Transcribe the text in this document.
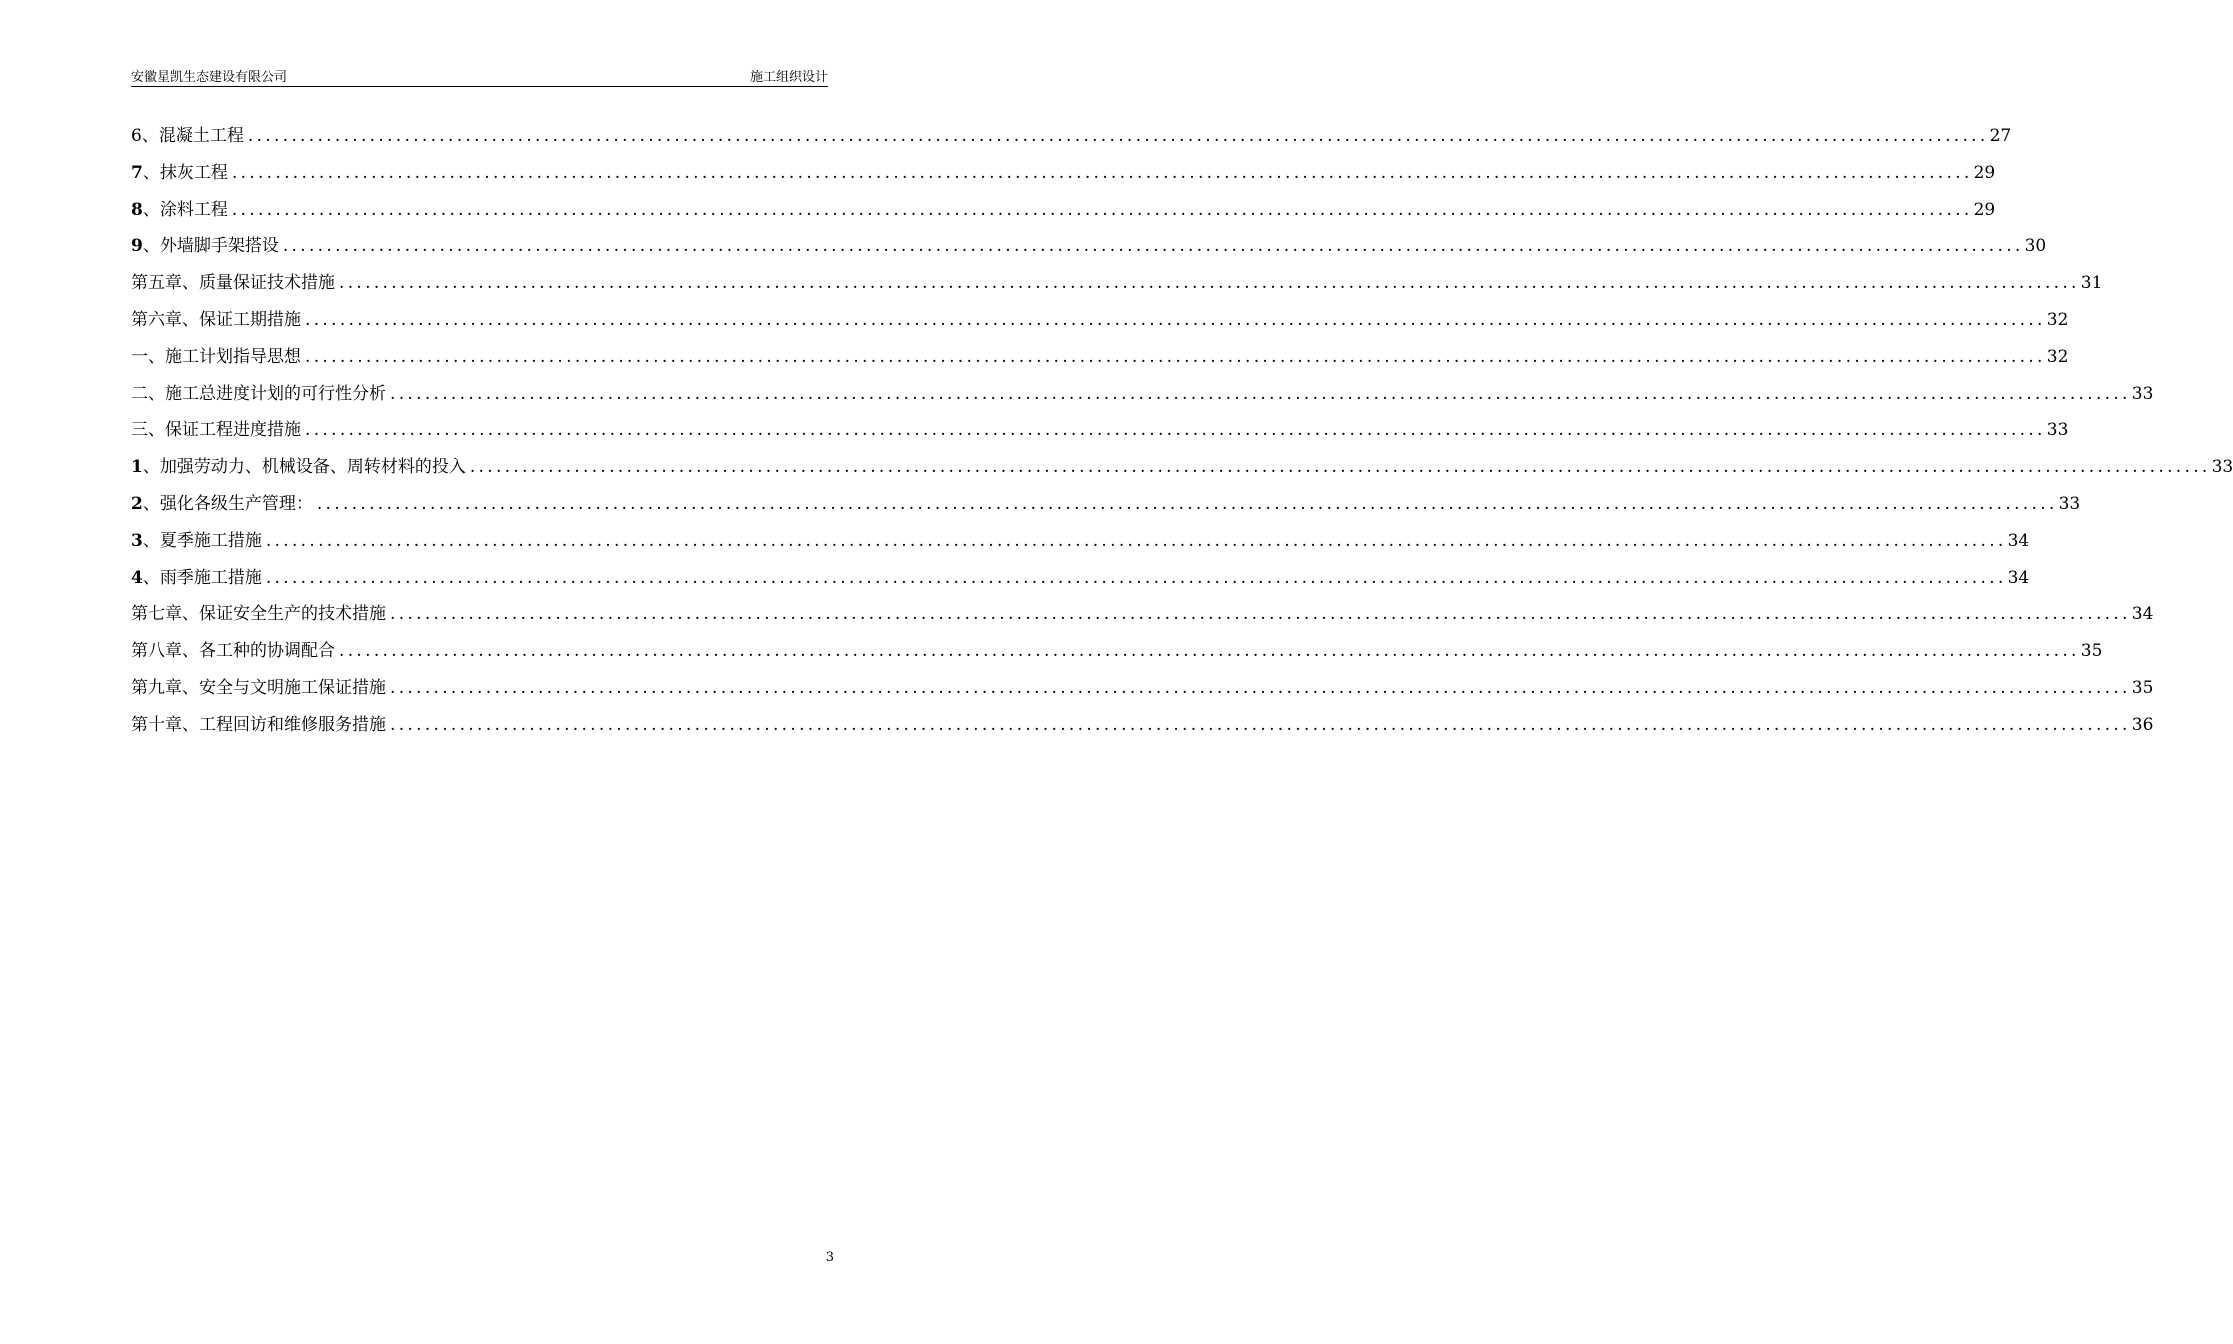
安徽星凯生态建设有限公司	施工组织设计
6、混凝土工程 ........................................................................................................................................................................................................ 27
7、抹灰工程 ........................................................................................................................................................................................................ 29
8、涂料工程 ........................................................................................................................................................................................................ 29
9、外墙脚手架搭设 ........................................................................................................................................................................................................ 30
第五章、质量保证技术措施 ........................................................................................................................................................................................................ 31
第六章、保证工期措施 ........................................................................................................................................................................................................ 32
一、施工计划指导思想 ........................................................................................................................................................................................................ 32
二、施工总进度计划的可行性分析 ........................................................................................................................................................................................................ 33
三、保证工程进度措施 ........................................................................................................................................................................................................ 33
1、加强劳动力、机械设备、周转材料的投入 ........................................................................................................................................................................................................ 33
2、强化各级生产管理： ........................................................................................................................................................................................................ 33
3、夏季施工措施 ........................................................................................................................................................................................................ 34
4、雨季施工措施 ........................................................................................................................................................................................................ 34
第七章、保证安全生产的技术措施 ........................................................................................................................................................................................................ 34
第八章、各工种的协调配合 ........................................................................................................................................................................................................ 35
第九章、安全与文明施工保证措施 ........................................................................................................................................................................................................ 35
第十章、工程回访和维修服务措施 ........................................................................................................................................................................................................ 36
3
